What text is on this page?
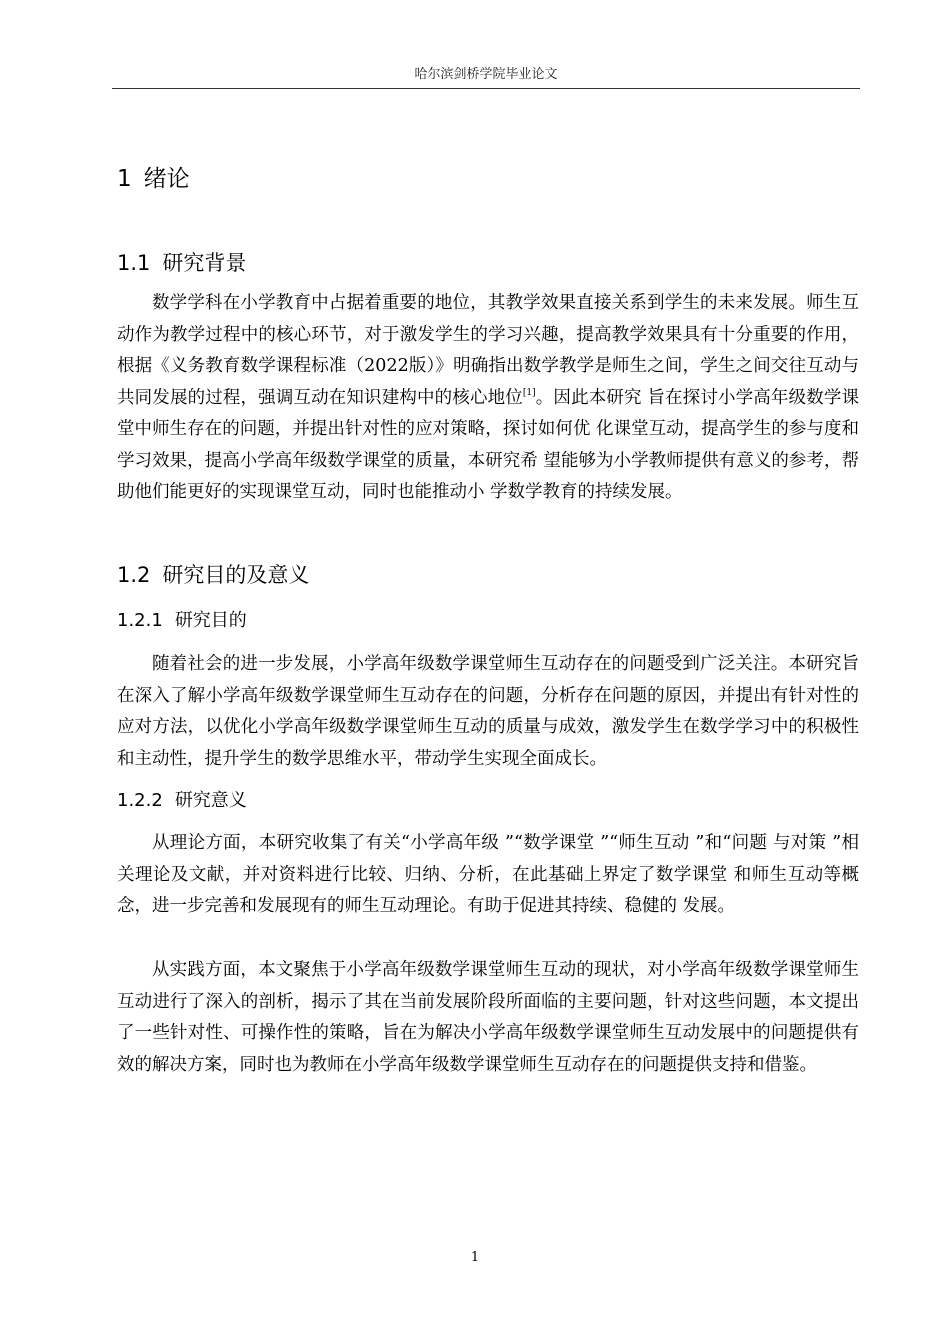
哈尔滨剑桥学院毕业论文
1 绪论
1.1 研究背景

数学学科在小学教育中占据着重要的地位，其教学效果直接关系到学生的未来发展。师生互动作为教学过程中的核心环节，对于激发学生的学习兴趣，提高教学效果具有十分重要的作用，根据《义务教育数学课程标准（2022版）》明确指出数学教学是师生之间，学生之间交往互动与共同发展的过程，强调互动在知识建构中的核心地位[1]。因此本研究 旨在探讨小学高年级数学课堂中师生存在的问题，并提出针对性的应对策略，探讨如何优 化课堂互动，提高学生的参与度和学习效果，提高小学高年级数学课堂的质量，本研究希 望能够为小学教师提供有意义的参考，帮助他们能更好的实现课堂互动，同时也能推动小 学数学教育的持续发展。

1.2 研究目的及意义
1.2.1 研究目的

随着社会的进一步发展，小学高年级数学课堂师生互动存在的问题受到广泛关注。本研究旨在深入了解小学高年级数学课堂师生互动存在的问题，分析存在问题的原因，并提出有针对性的应对方法，以优化小学高年级数学课堂师生互动的质量与成效，激发学生在数学学习中的积极性和主动性，提升学生的数学思维水平，带动学生实现全面成长。

1.2.2 研究意义

从理论方面，本研究收集了有关“小学高年级 ”“数学课堂 ”“师生互动 ”和“问题 与对策 ”相关理论及文献，并对资料进行比较、归纳、分析，在此基础上界定了数学课堂 和师生互动等概念，进一步完善和发展现有的师生互动理论。有助于促进其持续、稳健的 发展。

从实践方面，本文聚焦于小学高年级数学课堂师生互动的现状，对小学高年级数学课堂师生互动进行了深入的剖析，揭示了其在当前发展阶段所面临的主要问题，针对这些问题，本文提出了一些针对性、可操作性的策略，旨在为解决小学高年级数学课堂师生互动发展中的问题提供有效的解决方案，同时也为教师在小学高年级数学课堂师生互动存在的问题提供支持和借鉴。

1
